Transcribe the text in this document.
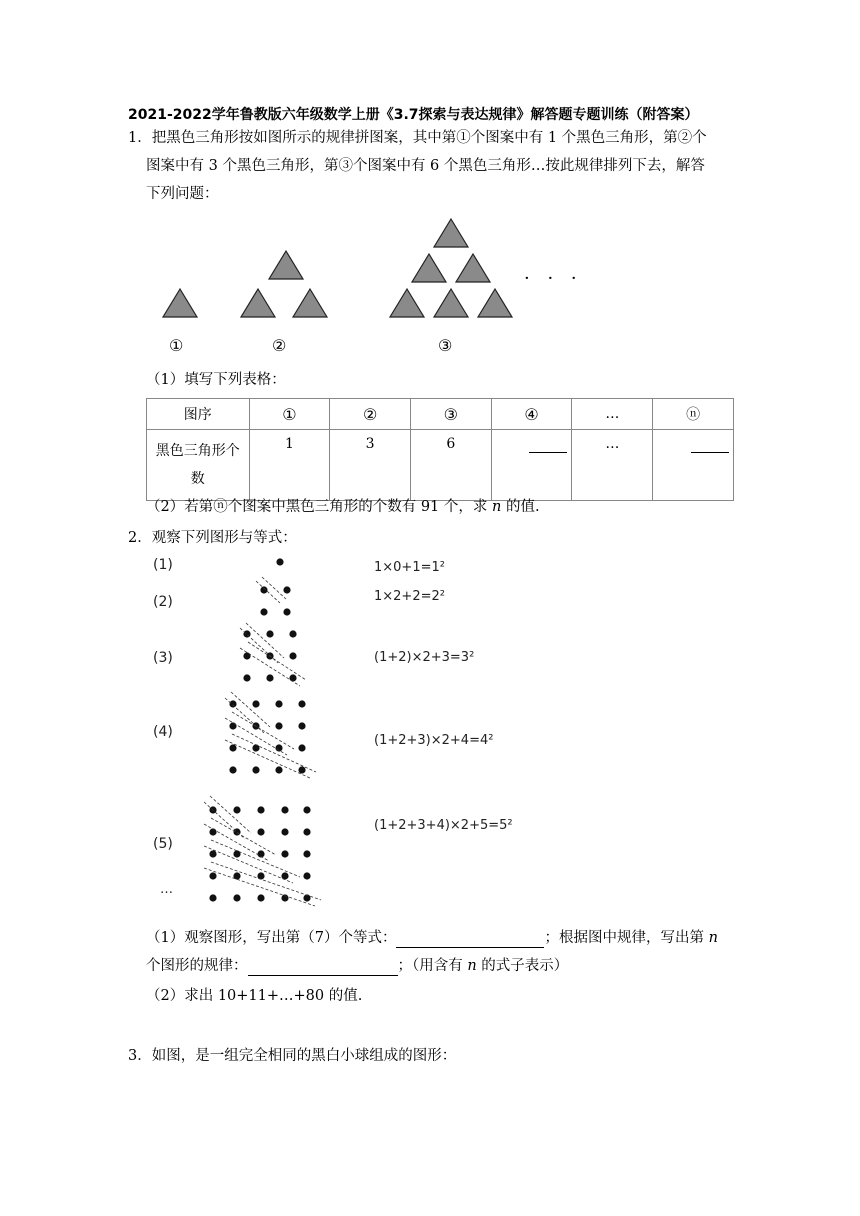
2021-2022学年鲁教版六年级数学上册《3.7探索与表达规律》解答题专题训练（附答案）
1．把黑色三角形按如图所示的规律拼图案，其中第①个图案中有 1 个黑色三角形，第②个
图案中有 3 个黑色三角形，第③个图案中有 6 个黑色三角形…按此规律排列下去，解答
下列问题：
· · ·
①	②	③
（1）填写下列表格：
图序	①	②	③	④	…	ⓝ
黑色三角形个数	1	3	6		…	
（2）若第ⓝ个图案中黑色三角形的个数有 91 个，求 n 的值.
2．观察下列图形与等式：
(1)
(2)
(3)
(4)
(5)
…
1×0+1=1²
1×2+2=2²
(1+2)×2+3=3²
(1+2+3)×2+4=4²
(1+2+3+4)×2+5=5²
（1）观察图形，写出第（7）个等式：	；根据图中规律，写出第 n
个图形的规律：	；（用含有 n 的式子表示）
（2）求出 10+11+…+80 的值.
3．如图，是一组完全相同的黑白小球组成的图形：
